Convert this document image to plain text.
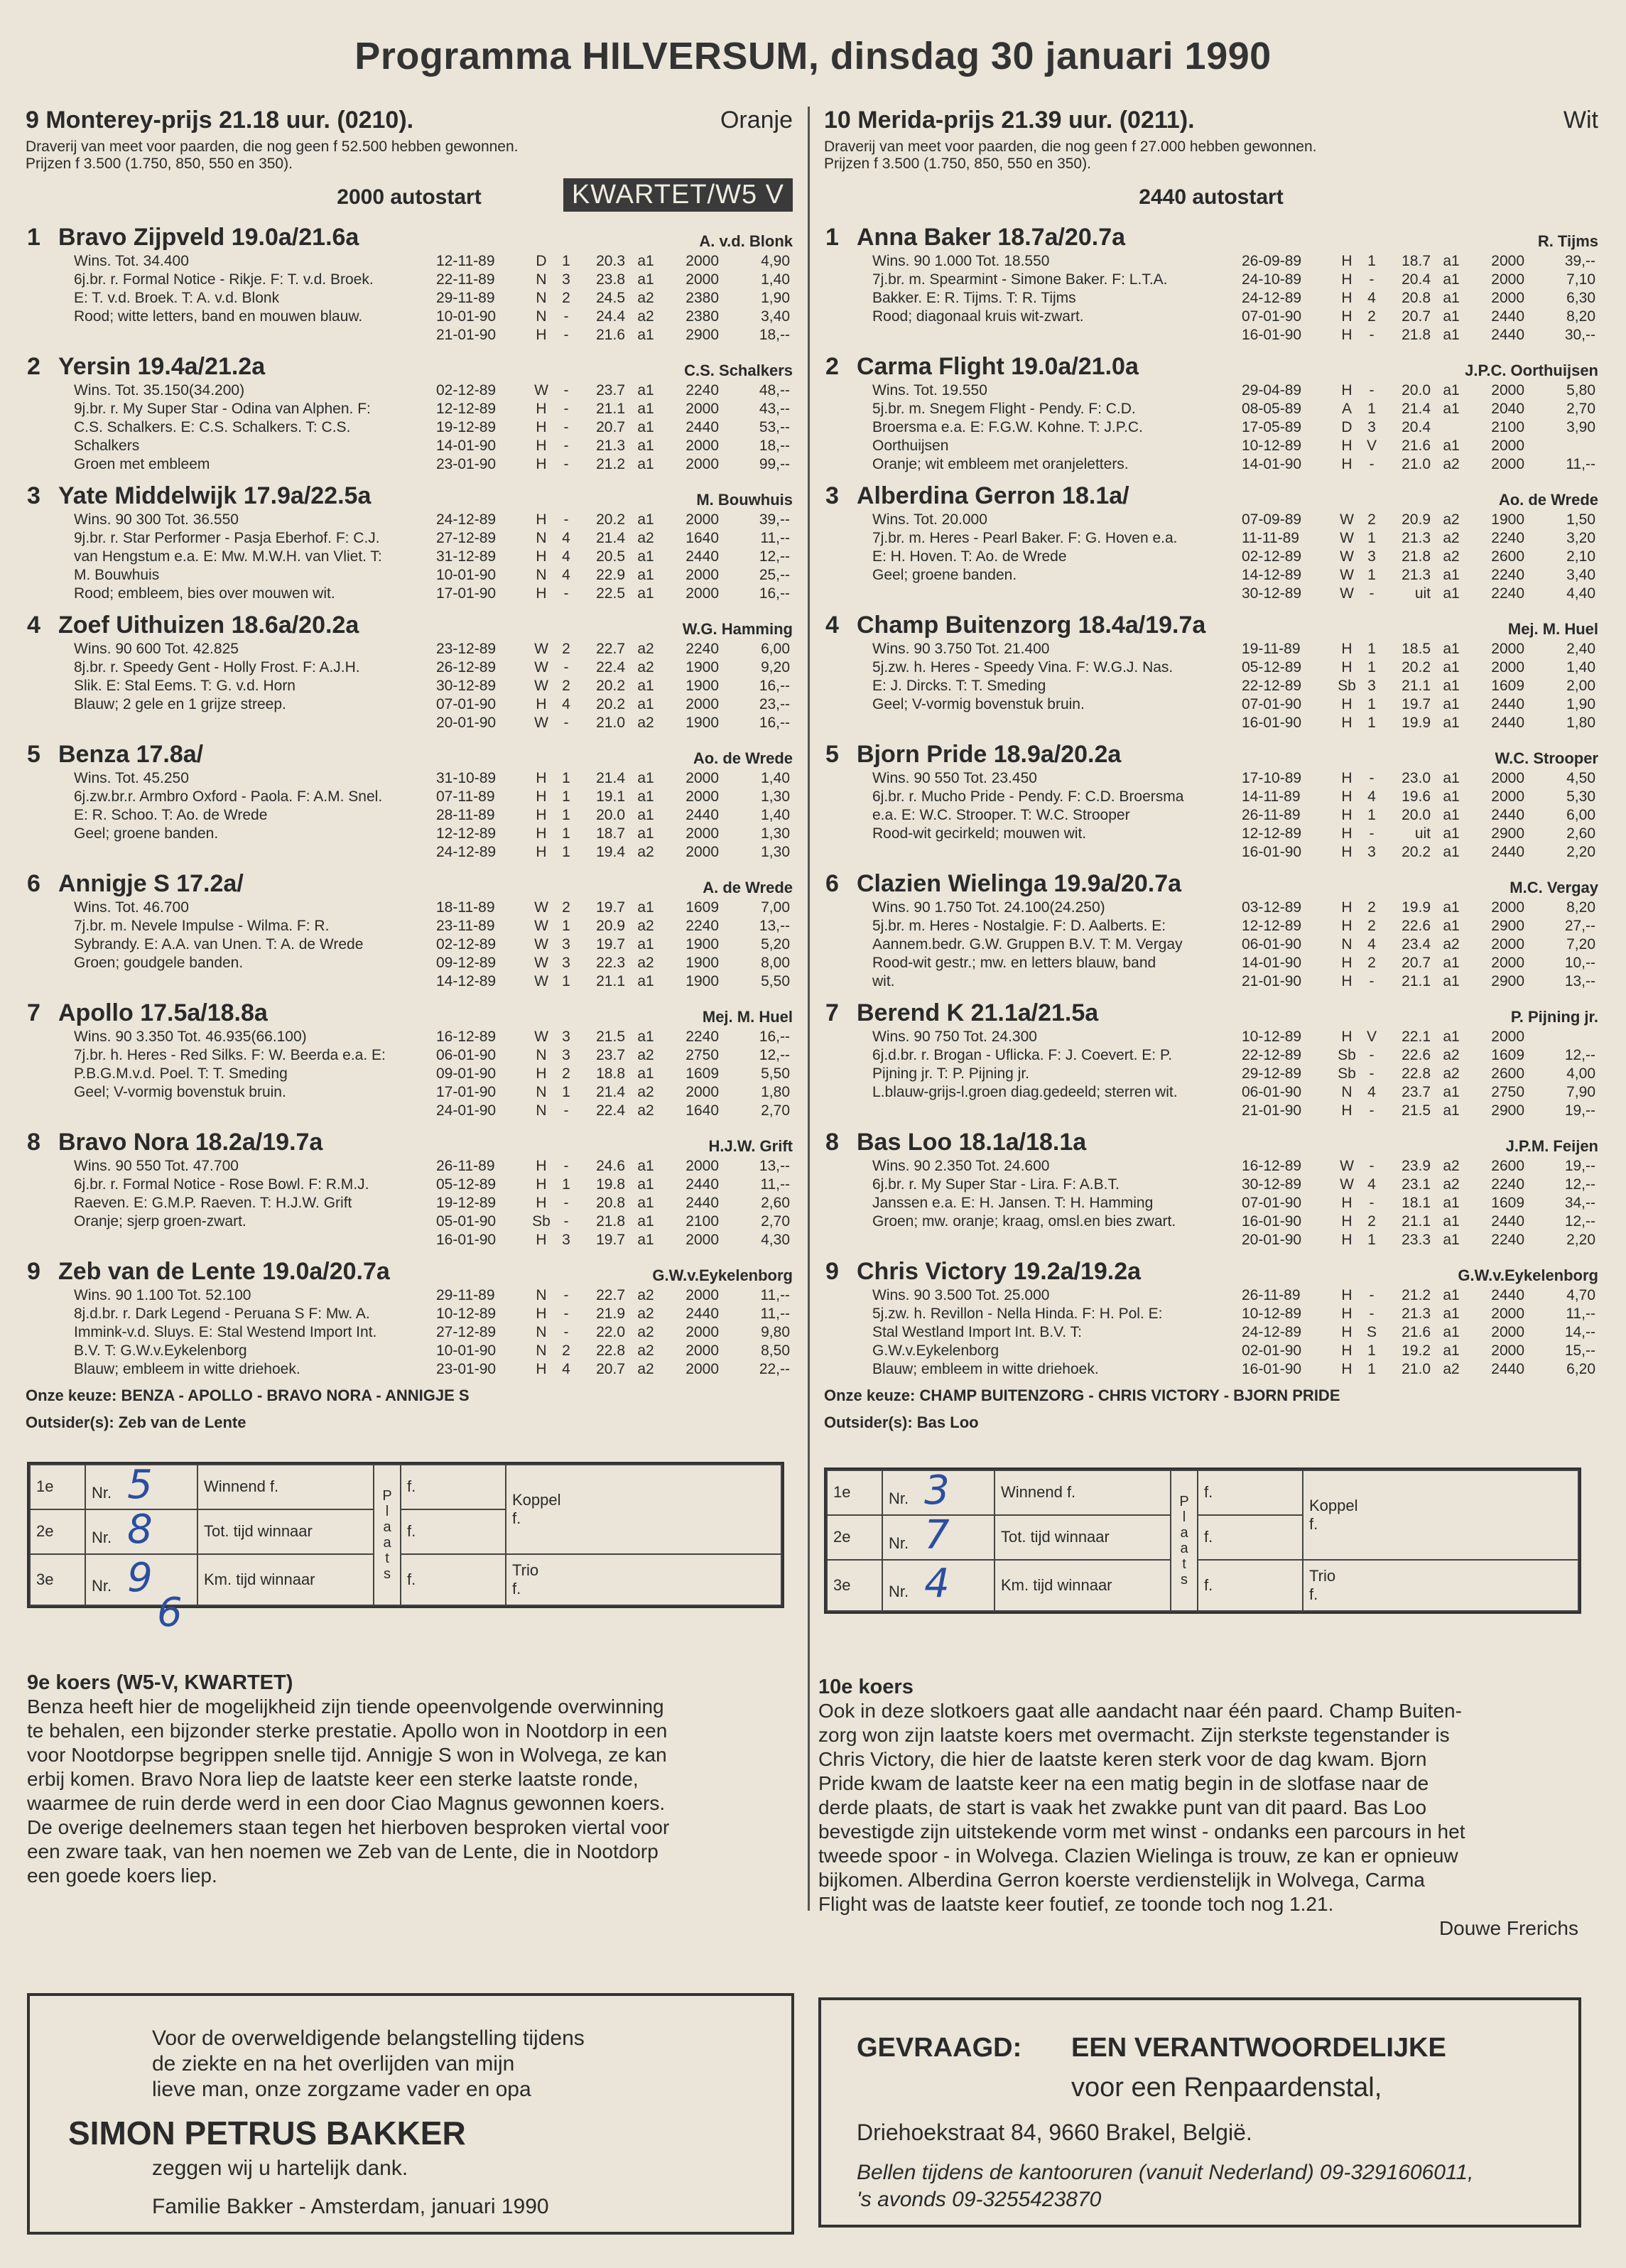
Programma HILVERSUM, dinsdag 30 januari 1990
9 Monterey-prijs 21.18 uur. (0210).	Oranje
Draverij van meet voor paarden, die nog geen f 52.500 hebben gewonnen.
Prijzen f 3.500 (1.750, 850, 550 en 350).
2000 autostart	KWARTET/W5 V
1 Bravo Zijpveld 19.0a/21.6a	A. v.d. Blonk
Wins. Tot. 34.400
6j.br. r. Formal Notice - Rikje. F: T. v.d. Broek.
E: T. v.d. Broek. T: A. v.d. Blonk
Rood; witte letters, band en mouwen blauw.
12-11-89	D	1	20.3	a1	2000	4,90
22-11-89	N	3	23.8	a1	2000	1,40
29-11-89	N	2	24.5	a2	2380	1,90
10-01-90	N	-	24.4	a2	2380	3,40
21-01-90	H	-	21.6	a1	2900	18,--
2 Yersin 19.4a/21.2a	C.S. Schalkers
Wins. Tot. 35.150(34.200)
9j.br. r. My Super Star - Odina van Alphen. F:
C.S. Schalkers. E: C.S. Schalkers. T: C.S.
Schalkers
Groen met embleem
02-12-89	W	-	23.7	a1	2240	48,--
12-12-89	H	-	21.1	a1	2000	43,--
19-12-89	H	-	20.7	a1	2440	53,--
14-01-90	H	-	21.3	a1	2000	18,--
23-01-90	H	-	21.2	a1	2000	99,--
3 Yate Middelwijk 17.9a/22.5a	M. Bouwhuis
Wins. 90 300 Tot. 36.550
9j.br. r. Star Performer - Pasja Eberhof. F: C.J.
van Hengstum e.a. E: Mw. M.W.H. van Vliet. T:
M. Bouwhuis
Rood; embleem, bies over mouwen wit.
24-12-89	H	-	20.2	a1	2000	39,--
27-12-89	N	4	21.4	a2	1640	11,--
31-12-89	H	4	20.5	a1	2440	12,--
10-01-90	N	4	22.9	a1	2000	25,--
17-01-90	H	-	22.5	a1	2000	16,--
4 Zoef Uithuizen 18.6a/20.2a	W.G. Hamming
Wins. 90 600 Tot. 42.825
8j.br. r. Speedy Gent - Holly Frost. F: A.J.H.
Slik. E: Stal Eems. T: G. v.d. Horn
Blauw; 2 gele en 1 grijze streep.
23-12-89	W	2	22.7	a2	2240	6,00
26-12-89	W	-	22.4	a2	1900	9,20
30-12-89	W	2	20.2	a1	1900	16,--
07-01-90	H	4	20.2	a1	2000	23,--
20-01-90	W	-	21.0	a2	1900	16,--
5 Benza 17.8a/	Ao. de Wrede
Wins. Tot. 45.250
6j.zw.br.r. Armbro Oxford - Paola. F: A.M. Snel.
E: R. Schoo. T: Ao. de Wrede
Geel; groene banden.
31-10-89	H	1	21.4	a1	2000	1,40
07-11-89	H	1	19.1	a1	2000	1,30
28-11-89	H	1	20.0	a1	2440	1,40
12-12-89	H	1	18.7	a1	2000	1,30
24-12-89	H	1	19.4	a2	2000	1,30
6 Annigje S 17.2a/	A. de Wrede
Wins. Tot. 46.700
7j.br. m. Nevele Impulse - Wilma. F: R.
Sybrandy. E: A.A. van Unen. T: A. de Wrede
Groen; goudgele banden.
18-11-89	W	2	19.7	a1	1609	7,00
23-11-89	W	1	20.9	a2	2240	13,--
02-12-89	W	3	19.7	a1	1900	5,20
09-12-89	W	3	22.3	a2	1900	8,00
14-12-89	W	1	21.1	a1	1900	5,50
7 Apollo 17.5a/18.8a	Mej. M. Huel
Wins. 90 3.350 Tot. 46.935(66.100)
7j.br. h. Heres - Red Silks. F: W. Beerda e.a. E:
P.B.G.M.v.d. Poel. T: T. Smeding
Geel; V-vormig bovenstuk bruin.
16-12-89	W	3	21.5	a1	2240	16,--
06-01-90	N	3	23.7	a2	2750	12,--
09-01-90	H	2	18.8	a1	1609	5,50
17-01-90	N	1	21.4	a2	2000	1,80
24-01-90	N	-	22.4	a2	1640	2,70
8 Bravo Nora 18.2a/19.7a	H.J.W. Grift
Wins. 90 550 Tot. 47.700
6j.br. r. Formal Notice - Rose Bowl. F: R.M.J.
Raeven. E: G.M.P. Raeven. T: H.J.W. Grift
Oranje; sjerp groen-zwart.
26-11-89	H	-	24.6	a1	2000	13,--
05-12-89	H	1	19.8	a1	2440	11,--
19-12-89	H	-	20.8	a1	2440	2,60
05-01-90	Sb	-	21.8	a1	2100	2,70
16-01-90	H	3	19.7	a1	2000	4,30
9 Zeb van de Lente 19.0a/20.7a	G.W.v.Eykelenborg
Wins. 90 1.100 Tot. 52.100
8j.d.br. r. Dark Legend - Peruana S F: Mw. A.
Immink-v.d. Sluys. E: Stal Westend Import Int.
B.V. T: G.W.v.Eykelenborg
Blauw; embleem in witte driehoek.
29-11-89	N	-	22.7	a2	2000	11,--
10-12-89	H	-	21.9	a2	2440	11,--
27-12-89	N	-	22.0	a2	2000	9,80
10-01-90	N	2	22.8	a2	2000	8,50
23-01-90	H	4	20.7	a2	2000	22,--
Onze keuze: BENZA - APOLLO - BRAVO NORA - ANNIGJE S
Outsider(s): Zeb van de Lente
10 Merida-prijs 21.39 uur. (0211).	Wit
Draverij van meet voor paarden, die nog geen f 27.000 hebben gewonnen.
Prijzen f 3.500 (1.750, 850, 550 en 350).
2440 autostart
1 Anna Baker 18.7a/20.7a	R. Tijms
Wins. 90 1.000 Tot. 18.550
7j.br. m. Spearmint - Simone Baker. F: L.T.A.
Bakker. E: R. Tijms. T: R. Tijms
Rood; diagonaal kruis wit-zwart.
26-09-89	H	1	18.7	a1	2000	39,--
24-10-89	H	-	20.4	a1	2000	7,10
24-12-89	H	4	20.8	a1	2000	6,30
07-01-90	H	2	20.7	a1	2440	8,20
16-01-90	H	-	21.8	a1	2440	30,--
2 Carma Flight 19.0a/21.0a	J.P.C. Oorthuijsen
Wins. Tot. 19.550
5j.br. m. Snegem Flight - Pendy. F: C.D.
Broersma e.a. E: F.G.W. Kohne. T: J.P.C.
Oorthuijsen
Oranje; wit embleem met oranjeletters.
29-04-89	H	-	20.0	a1	2000	5,80
08-05-89	A	1	21.4	a1	2040	2,70
17-05-89	D	3	20.4		2100	3,90
10-12-89	H	V	21.6	a1	2000	
14-01-90	H	-	21.0	a2	2000	11,--
3 Alberdina Gerron 18.1a/	Ao. de Wrede
Wins. Tot. 20.000
7j.br. m. Heres - Pearl Baker. F: G. Hoven e.a.
E: H. Hoven. T: Ao. de Wrede
Geel; groene banden.
07-09-89	W	2	20.9	a2	1900	1,50
11-11-89	W	1	21.3	a2	2240	3,20
02-12-89	W	3	21.8	a2	2600	2,10
14-12-89	W	1	21.3	a1	2240	3,40
30-12-89	W	-	uit	a1	2240	4,40
4 Champ Buitenzorg 18.4a/19.7a	Mej. M. Huel
Wins. 90 3.750 Tot. 21.400
5j.zw. h. Heres - Speedy Vina. F: W.G.J. Nas.
E: J. Dircks. T: T. Smeding
Geel; V-vormig bovenstuk bruin.
19-11-89	H	1	18.5	a1	2000	2,40
05-12-89	H	1	20.2	a1	2000	1,40
22-12-89	Sb	3	21.1	a1	1609	2,00
07-01-90	H	1	19.7	a1	2440	1,90
16-01-90	H	1	19.9	a1	2440	1,80
5 Bjorn Pride 18.9a/20.2a	W.C. Strooper
Wins. 90 550 Tot. 23.450
6j.br. r. Mucho Pride - Pendy. F: C.D. Broersma
e.a. E: W.C. Strooper. T: W.C. Strooper
Rood-wit gecirkeld; mouwen wit.
17-10-89	H	-	23.0	a1	2000	4,50
14-11-89	H	4	19.6	a1	2000	5,30
26-11-89	H	1	20.0	a1	2440	6,00
12-12-89	H	-	uit	a1	2900	2,60
16-01-90	H	3	20.2	a1	2440	2,20
6 Clazien Wielinga 19.9a/20.7a	M.C. Vergay
Wins. 90 1.750 Tot. 24.100(24.250)
5j.br. m. Heres - Nostalgie. F: D. Aalberts. E:
Aannem.bedr. G.W. Gruppen B.V. T: M. Vergay
Rood-wit gestr.; mw. en letters blauw, band
wit.
03-12-89	H	2	19.9	a1	2000	8,20
12-12-89	H	2	22.6	a1	2900	27,--
06-01-90	N	4	23.4	a2	2000	7,20
14-01-90	H	2	20.7	a1	2000	10,--
21-01-90	H	-	21.1	a1	2900	13,--
7 Berend K 21.1a/21.5a	P. Pijning jr.
Wins. 90 750 Tot. 24.300
6j.d.br. r. Brogan - Uflicka. F: J. Coevert. E: P.
Pijning jr. T: P. Pijning jr.
L.blauw-grijs-l.groen diag.gedeeld; sterren wit.
10-12-89	H	V	22.1	a1	2000	
22-12-89	Sb	-	22.6	a2	1609	12,--
29-12-89	Sb	-	22.8	a2	2600	4,00
06-01-90	N	4	23.7	a1	2750	7,90
21-01-90	H	-	21.5	a1	2900	19,--
8 Bas Loo 18.1a/18.1a	J.P.M. Feijen
Wins. 90 2.350 Tot. 24.600
6j.br. r. My Super Star - Lira. F: A.B.T.
Janssen e.a. E: H. Jansen. T: H. Hamming
Groen; mw. oranje; kraag, omsl.en bies zwart.
16-12-89	W	-	23.9	a2	2600	19,--
30-12-89	W	4	23.1	a2	2240	12,--
07-01-90	H	-	18.1	a1	1609	34,--
16-01-90	H	2	21.1	a1	2440	12,--
20-01-90	H	1	23.3	a1	2240	2,20
9 Chris Victory 19.2a/19.2a	G.W.v.Eykelenborg
Wins. 90 3.500 Tot. 25.000
5j.zw. h. Revillon - Nella Hinda. F: H. Pol. E:
Stal Westland Import Int. B.V. T:
G.W.v.Eykelenborg
Blauw; embleem in witte driehoek.
26-11-89	H	-	21.2	a1	2440	4,70
10-12-89	H	-	21.3	a1	2000	11,--
24-12-89	H	S	21.6	a1	2000	14,--
02-01-90	H	1	19.2	a1	2000	15,--
16-01-90	H	1	21.0	a2	2440	6,20
Onze keuze: CHAMP BUITENZORG - CHRIS VICTORY - BJORN PRIDE
Outsider(s): Bas Loo
6
1e	Nr. 5	Winnend f.	P l a a t s	f.	Koppel
f.

2e	Nr. 8	Tot. tijd winnaar		f.	
3e	Nr. 9	Km. tijd winnaar		f.	Trio
f.
1e	Nr. 3	Winnend f.	P l a a t s	f.	Koppel
f.

2e	Nr. 7	Tot. tijd winnaar		f.	
3e	Nr. 4	Km. tijd winnaar		f.	Trio
f.
9e koers (W5-V, KWARTET)
Benza heeft hier de mogelijkheid zijn tiende opeenvolgende overwinning
te behalen, een bijzonder sterke prestatie. Apollo won in Nootdorp in een
voor Nootdorpse begrippen snelle tijd. Annigje S won in Wolvega, ze kan
erbij komen. Bravo Nora liep de laatste keer een sterke laatste ronde,
waarmee de ruin derde werd in een door Ciao Magnus gewonnen koers.
De overige deelnemers staan tegen het hierboven besproken viertal voor
een zware taak, van hen noemen we Zeb van de Lente, die in Nootdorp
een goede koers liep.
10e koers
Ook in deze slotkoers gaat alle aandacht naar één paard. Champ Buiten-
zorg won zijn laatste koers met overmacht. Zijn sterkste tegenstander is
Chris Victory, die hier de laatste keren sterk voor de dag kwam. Bjorn
Pride kwam de laatste keer na een matig begin in de slotfase naar de
derde plaats, de start is vaak het zwakke punt van dit paard. Bas Loo
bevestigde zijn uitstekende vorm met winst - ondanks een parcours in het
tweede spoor - in Wolvega. Clazien Wielinga is trouw, ze kan er opnieuw
bijkomen. Alberdina Gerron koerste verdienstelijk in Wolvega, Carma
Flight was de laatste keer foutief, ze toonde toch nog 1.21.
Douwe Frerichs
Voor de overweldigende belangstelling tijdens
de ziekte en na het overlijden van mijn
lieve man, onze zorgzame vader en opa
SIMON PETRUS BAKKER
zeggen wij u hartelijk dank.
Familie Bakker - Amsterdam, januari 1990
GEVRAAGD: EEN VERANTWOORDELIJKE
voor een Renpaardenstal,
Driehoekstraat 84, 9660 Brakel, België.
Bellen tijdens de kantooruren (vanuit Nederland) 09-3291606011,
's avonds 09-3255423870
